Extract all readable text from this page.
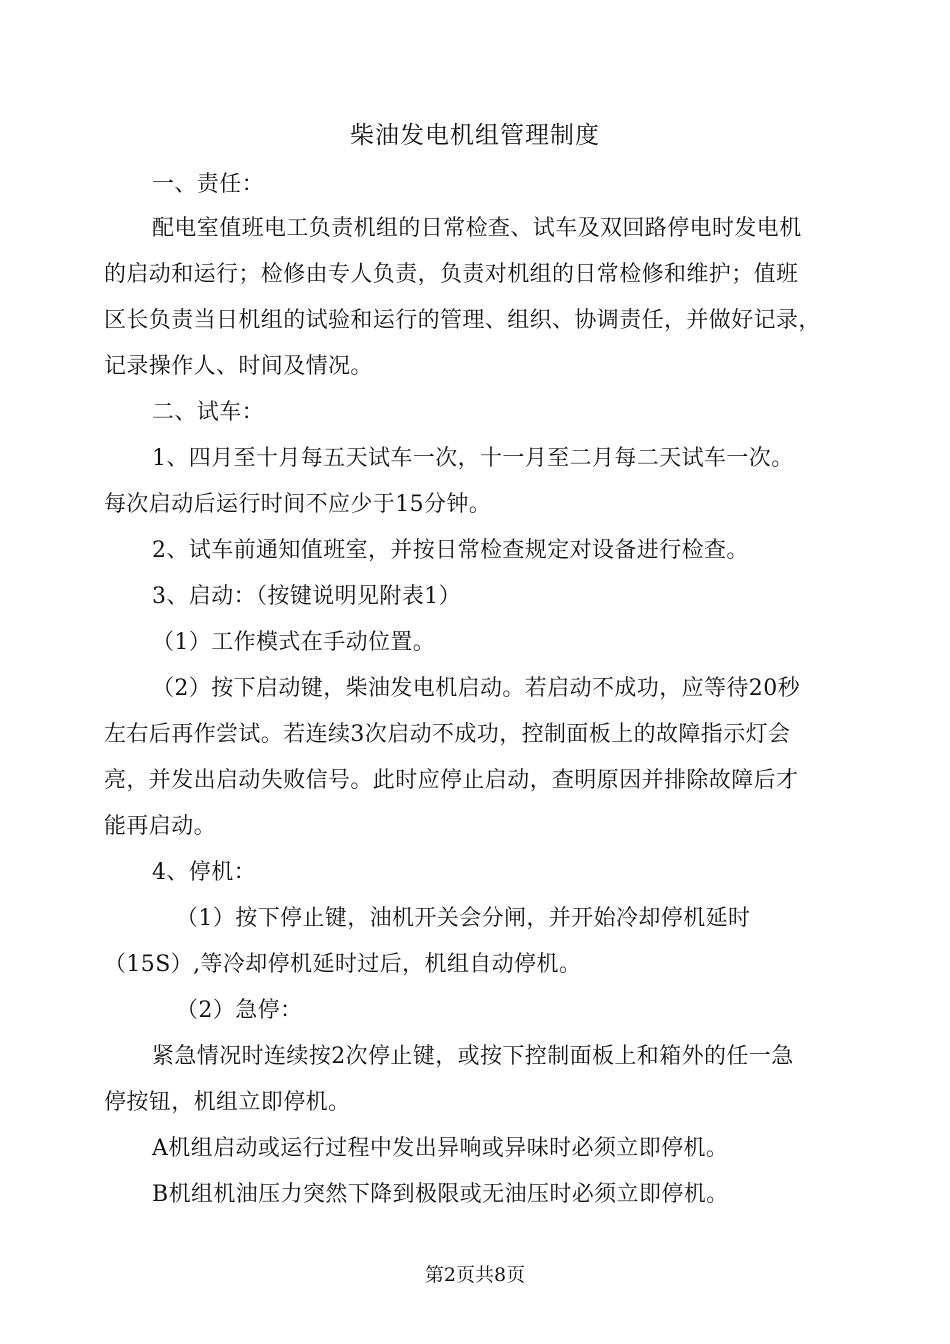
柴油发电机组管理制度
一、责任：
配电室值班电工负责机组的日常检查、试车及双回路停电时发电机
的启动和运行；检修由专人负责，负责对机组的日常检修和维护；值班
区长负责当日机组的试验和运行的管理、组织、协调责任，并做好记录，
记录操作人、时间及情况。
二、试车：
1、四月至十月每五天试车一次，十一月至二月每二天试车一次。
每次启动后运行时间不应少于15分钟。
2、试车前通知值班室，并按日常检查规定对设备进行检查。
3、启动：（按键说明见附表1）
（1）工作模式在手动位置。
（2）按下启动键，柴油发电机启动。若启动不成功，应等待20秒
左右后再作尝试。若连续3次启动不成功，控制面板上的故障指示灯会
亮，并发出启动失败信号。此时应停止启动，查明原因并排除故障后才
能再启动。
4、停机：
（1）按下停止键，油机开关会分闸，并开始冷却停机延时
（15S）,等冷却停机延时过后，机组自动停机。
（2）急停：
紧急情况时连续按2次停止键，或按下控制面板上和箱外的任一急
停按钮，机组立即停机。
A机组启动或运行过程中发出异响或异味时必须立即停机。
B机组机油压力突然下降到极限或无油压时必须立即停机。
第2页共8页
